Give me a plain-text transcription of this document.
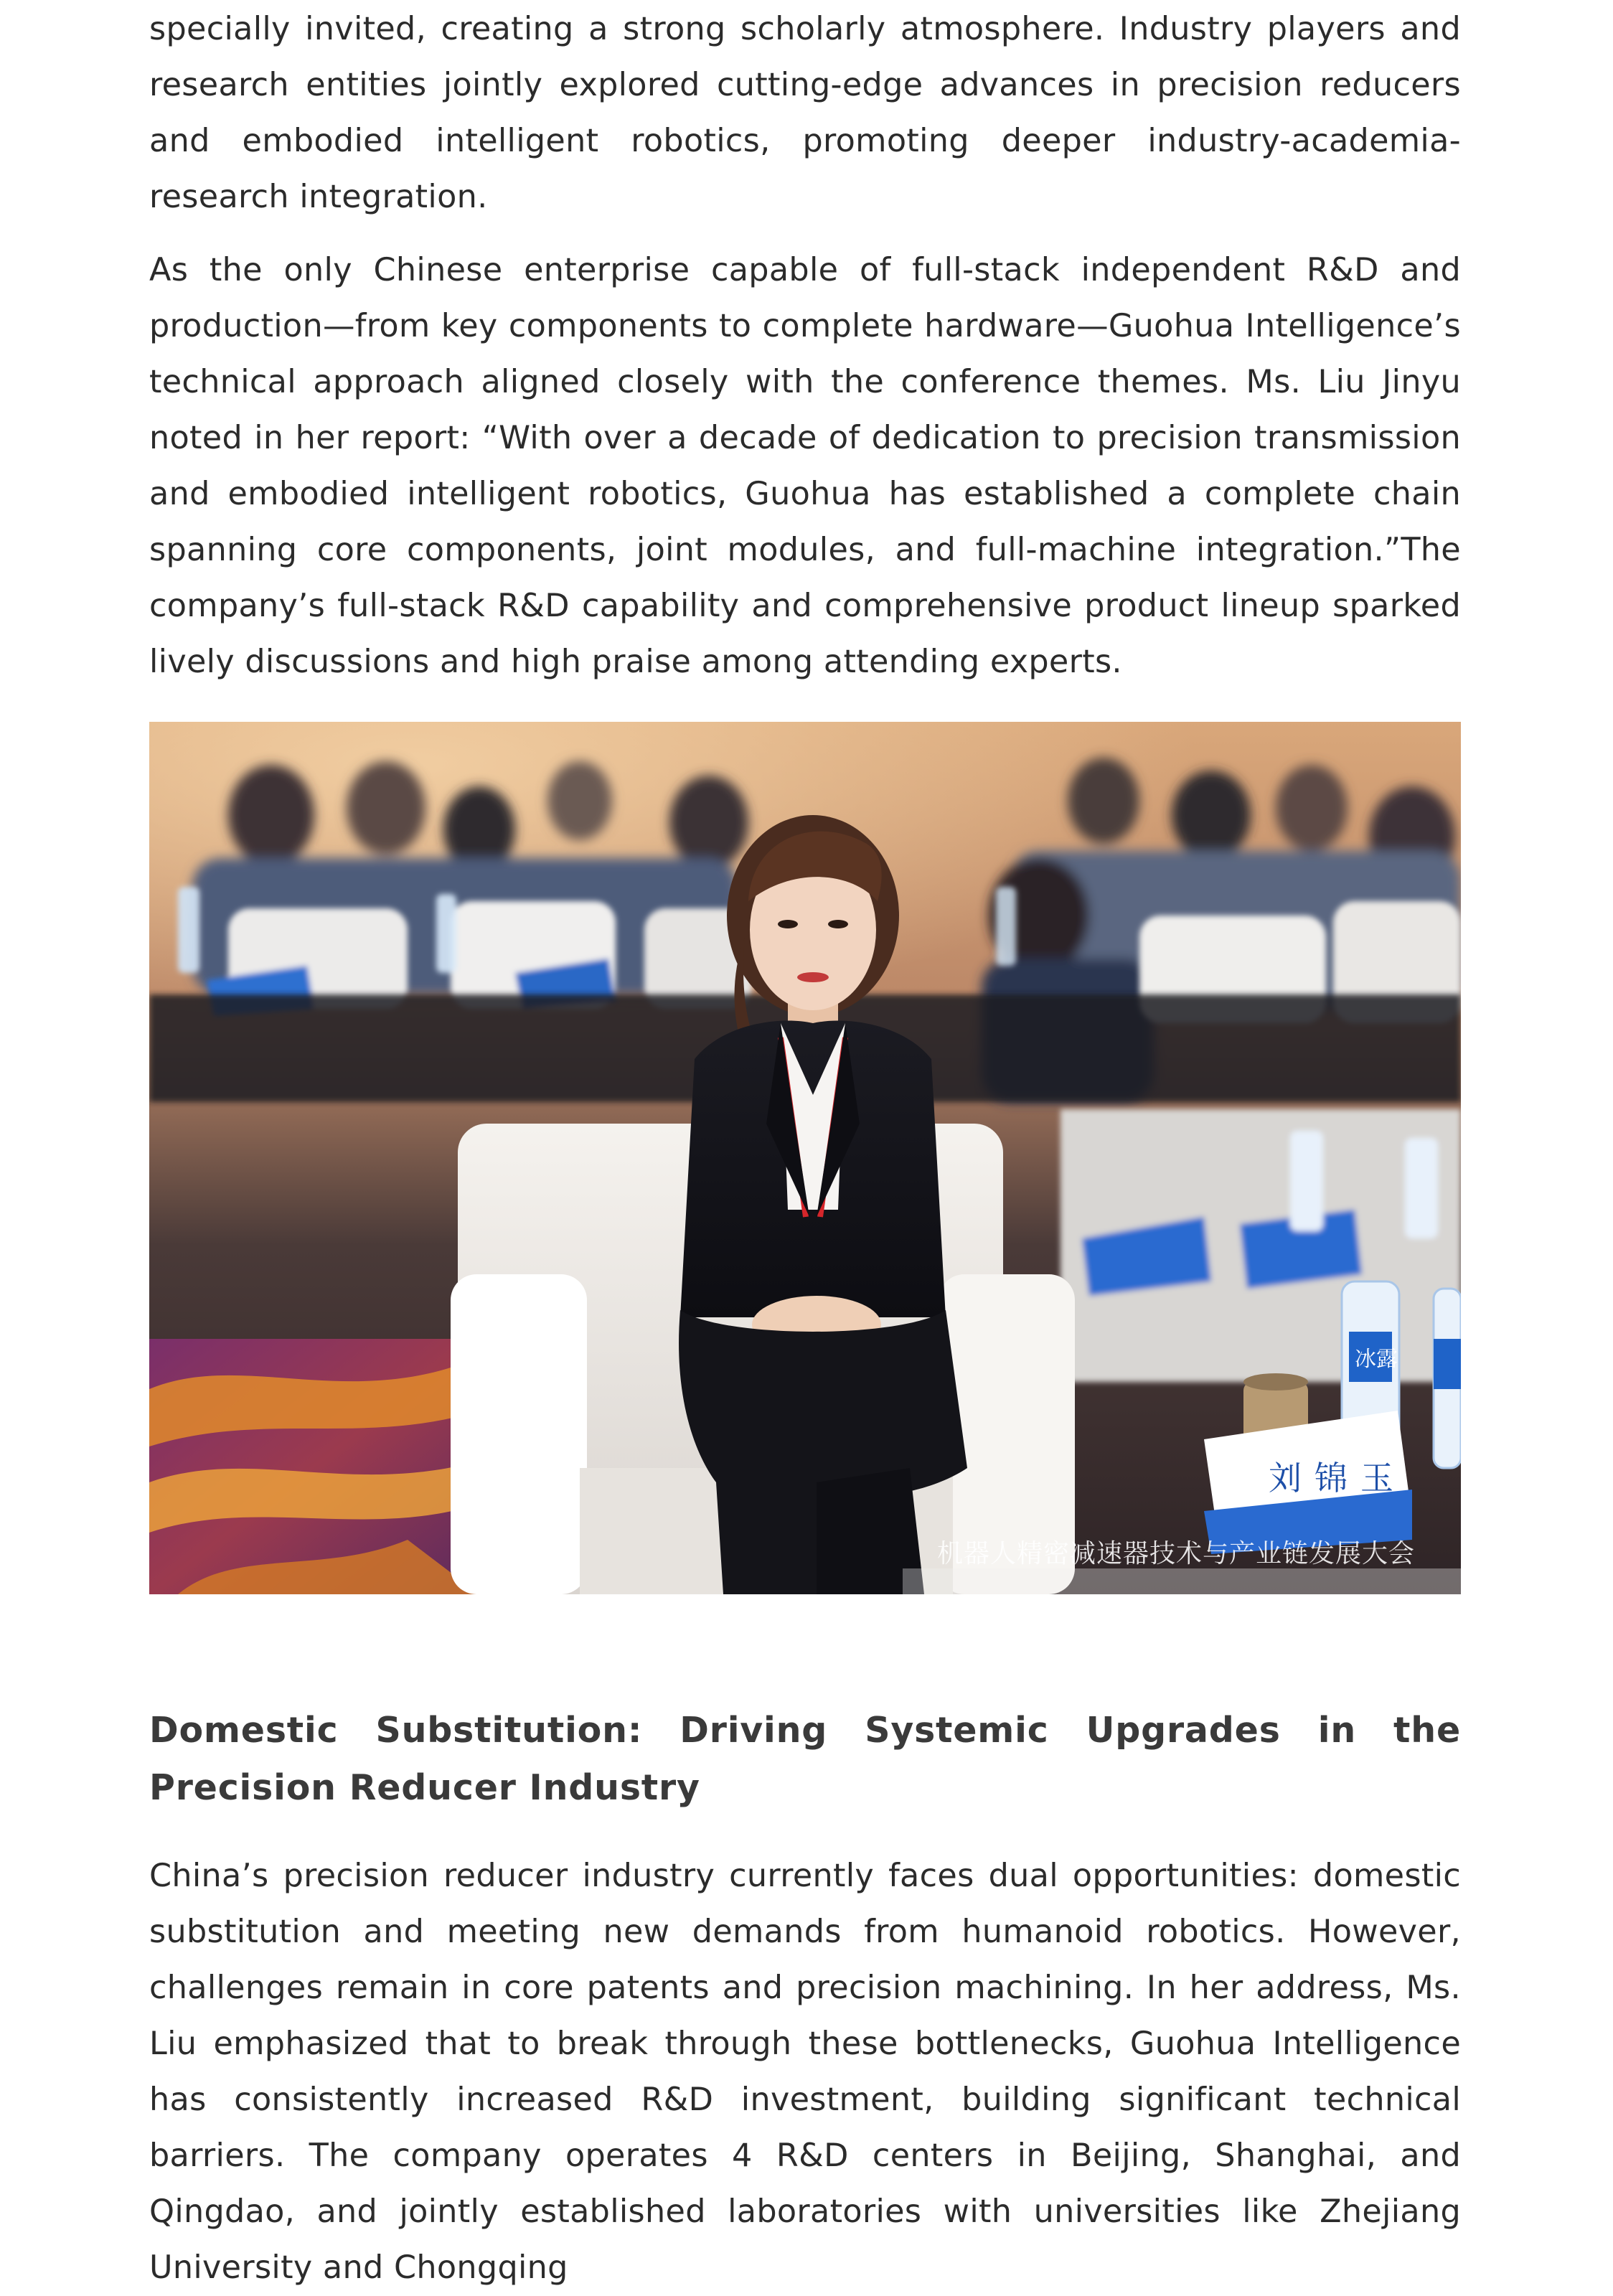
specially invited, creating a strong scholarly atmosphere. Industry players and research entities jointly explored cutting-edge advances in precision reducers and embodied intelligent robotics, promoting deeper industry-academia-research integration.

As the only Chinese enterprise capable of full-stack independent R&D and production—from key components to complete hardware—Guohua Intelligence’s technical approach aligned closely with the conference themes. Ms. Liu Jinyu noted in her report: “With over a decade of dedication to precision transmission and embodied intelligent robotics, Guohua has established a complete chain spanning core components, joint modules, and full-machine integration.”The company’s full-stack R&D capability and comprehensive product lineup sparked lively discussions and high praise among attending experts.

冰露
刘锦玉
机器人精密减速器技术与产业链发展大会
Domestic Substitution: Driving Systemic Upgrades in the Precision Reducer Industry

China’s precision reducer industry currently faces dual opportunities: domestic substitution and meeting new demands from humanoid robotics. However, challenges remain in core patents and precision machining. In her address, Ms. Liu emphasized that to break through these bottlenecks, Guohua Intelligence has consistently increased R&D investment, building significant technical barriers. The company operates 4 R&D centers in Beijing, Shanghai, and Qingdao, and jointly established laboratories with universities like Zhejiang University and Chongqing
